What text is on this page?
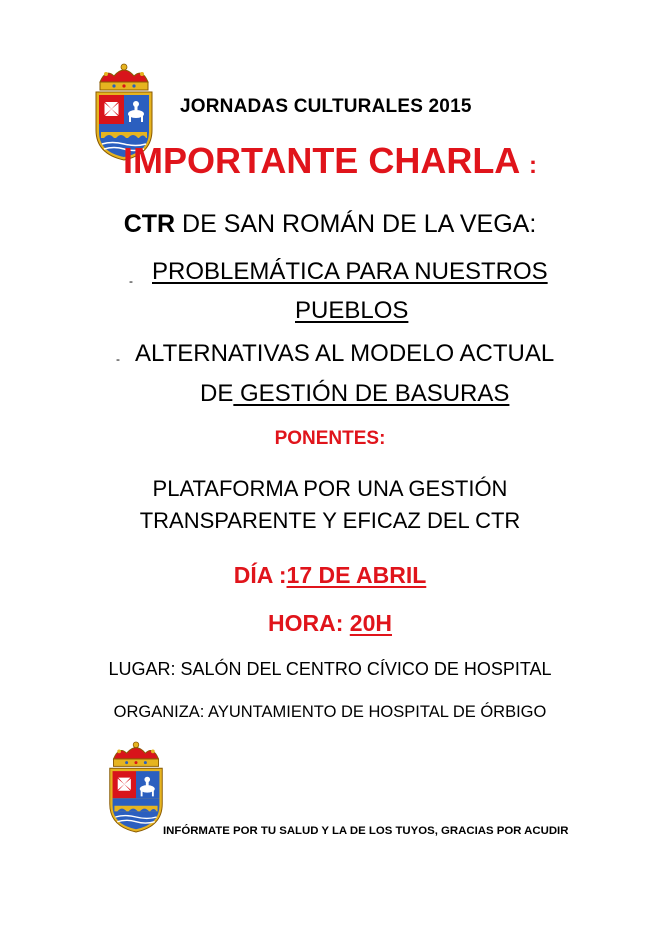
JORNADAS CULTURALES 2015
IMPORTANTE CHARLA :
CTR DE SAN ROMÁN DE LA VEGA:
- PROBLEMÁTICA PARA NUESTROS
PUEBLOS
- ALTERNATIVAS AL MODELO ACTUAL
DE GESTIÓN DE BASURAS
PONENTES:
PLATAFORMA POR UNA GESTIÓN
TRANSPARENTE Y EFICAZ DEL CTR
DÍA :17 DE ABRIL
HORA: 20H
LUGAR: SALÓN DEL CENTRO CÍVICO DE HOSPITAL
ORGANIZA: AYUNTAMIENTO DE HOSPITAL DE ÓRBIGO
INFÓRMATE POR TU SALUD Y LA DE LOS TUYOS, GRACIAS POR ACUDIR
